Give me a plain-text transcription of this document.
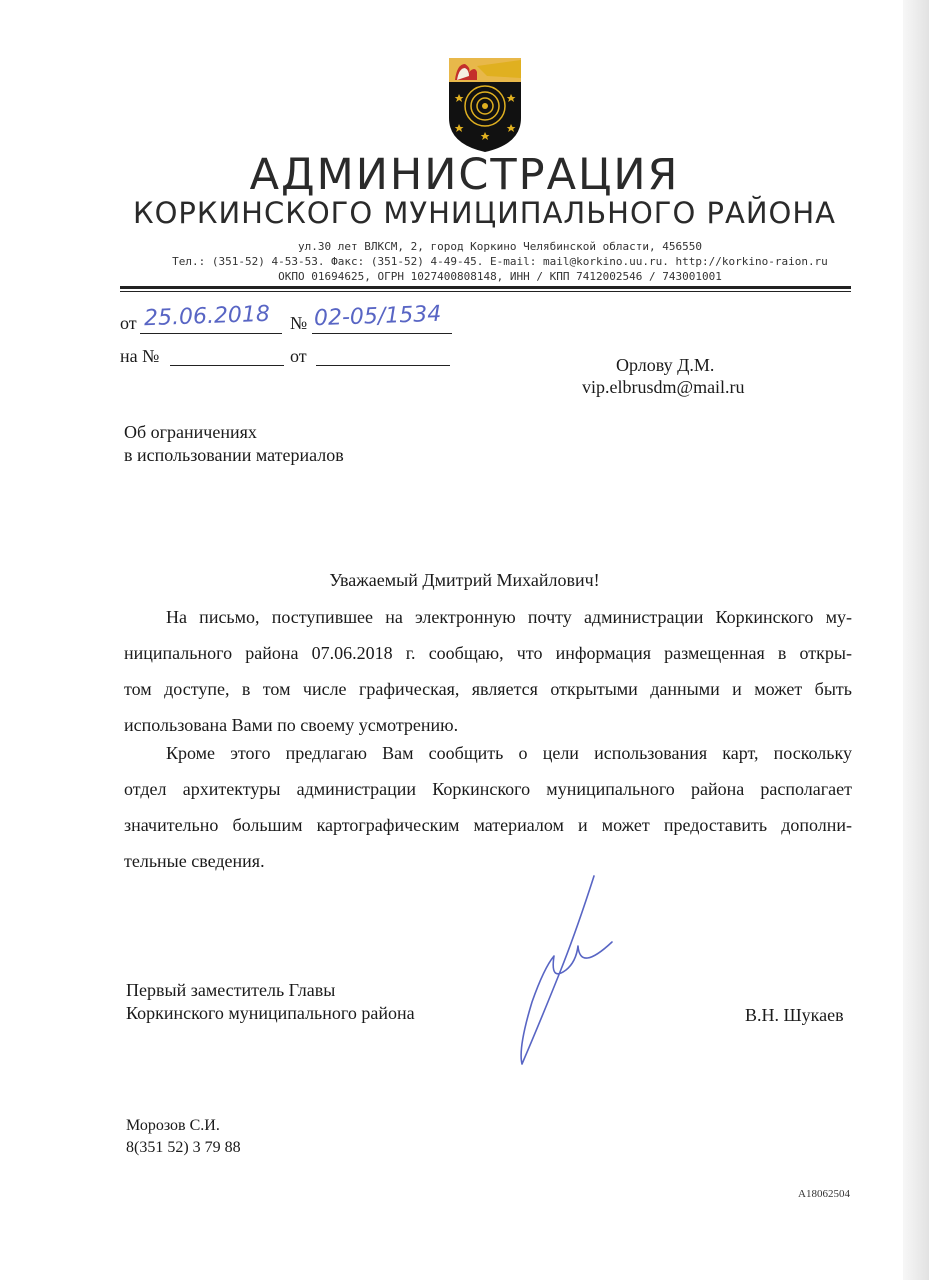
АДМИНИСТРАЦИЯ
КОРКИНСКОГО МУНИЦИПАЛЬНОГО РАЙОНА
ул.30 лет ВЛКСМ, 2, город Коркино Челябинской области, 456550
Тел.: (351-52) 4-53-53. Факс: (351-52) 4-49-45. E-mail: mail@korkino.uu.ru. http://korkino-raion.ru
ОКПО 01694625, ОГРН 1027400808148, ИНН / КПП 7412002546 / 743001001
от 25.06.2018 № 02-05/1534
на №	от	Орлову Д.М.
vip.elbrusdm@mail.ru
Об ограничениях
в использовании материалов
Уважаемый Дмитрий Михайлович!
На письмо, поступившее на электронную почту администрации Коркинского му-
ниципального района 07.06.2018 г. сообщаю, что информация размещенная в откры-
том доступе, в том числе графическая, является открытыми данными и может быть
использована Вами по своему усмотрению.
Кроме этого предлагаю Вам сообщить о цели использования карт, поскольку
отдел архитектуры администрации Коркинского муниципального района располагает
значительно большим картографическим материалом и может предоставить дополни-
тельные сведения.
Первый заместитель Главы
Коркинского муниципального района	В.Н. Шукаев
Морозов С.И.
8(351 52) 3 79 88
А18062504
